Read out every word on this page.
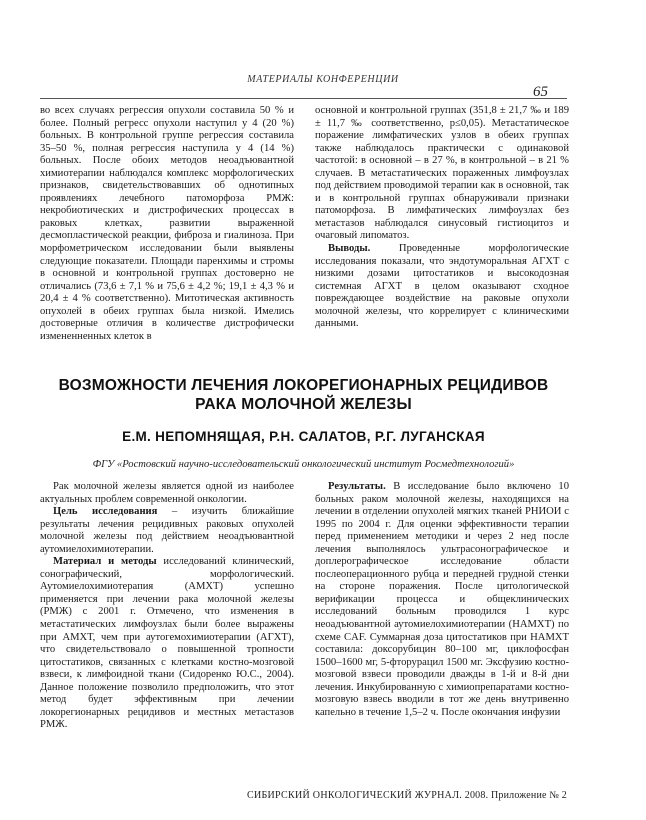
МАТЕРИАЛЫ КОНФЕРЕНЦИИ
65

во всех случаях регрессия опухоли составила 50 % и более. Полный регресс опухоли наступил у 4 (20 %) больных. В контрольной группе регрессия составила 35–50 %, полная регрессия наступила у 4 (14 %) больных. После обоих методов неоадъювантной химиотерапии наблюдался комплекс морфологических признаков, свидетельствовавших об однотипных проявлениях лечебного патоморфоза РМЖ: некробиотических и дистрофических процессах в раковых клетках, развитии выраженной десмопластической реакции, фиброза и гиалиноза. При морфометрическом исследовании были выявлены следующие показатели. Площади паренхимы и стромы в основной и контрольной группах достоверно не отличались (73,6 ± 7,1 % и 75,6 ± 4,2 %; 19,1 ± 4,3 % и 20,4 ± 4 % соответственно). Митотическая активность опухолей в обеих группах была низкой. Имелись достоверные отличия в количестве дистрофически измененненных клеток в

основной и контрольной группах (351,8 ± 21,7 ‰ и 189 ± 11,7 ‰ соответственно, p≤0,05). Метастатическое поражение лимфатических узлов в обеих группах также наблюдалось практически с одинаковой частотой: в основной – в 27 %, в контрольной – в 21 % случаев. В метастатических пораженных лимфоузлах под действием проводимой терапии как в основной, так и в контрольной группах обнаруживали признаки патоморфоза. В лимфатических лимфоузлах без метастазов наблюдался синусовый гистиоцитоз и очаговый липоматоз.

Выводы. Проведенные морфологические исследования показали, что эндотуморальная АГХТ с низкими дозами цитостатиков и высокодозная системная АГХТ в целом оказывают сходное повреждающее воздействие на раковые опухоли молочной железы, что коррелирует с клиническими данными.

ВОЗМОЖНОСТИ ЛЕЧЕНИЯ ЛОКОРЕГИОНАРНЫХ РЕЦИДИВОВ РАКА МОЛОЧНОЙ ЖЕЛЕЗЫ
Е.М. НЕПОМНЯЩАЯ, Р.Н. САЛАТОВ, Р.Г. ЛУГАНСКАЯ
ФГУ «Ростовский научно-исследовательский онкологический институт Росмедтехнологий»

Рак молочной железы является одной из наиболее актуальных проблем современной онкологии.

Цель исследования – изучить ближайшие результаты лечения рецидивных раковых опухолей молочной железы под действием неоадъювантной аутомиелохимиотерапии.

Материал и методы исследований клинический, сонографический, морфологический. Аутомиелохимиотерапия (АМХТ) успешно применяется при лечении рака молочной железы (РМЖ) с 2001 г. Отмечено, что изменения в метастатических лимфоузлах были более выражены при АМХТ, чем при аутогемохимиотерапии (АГХТ), что свидетельствовало о повышенной тропности цитостатиков, связанных с клетками костно-мозговой взвеси, к лимфоидной ткани (Сидоренко Ю.С., 2004). Данное положение позволило предположить, что этот метод будет эффективным при лечении локорегионарных рецидивов и местных метастазов РМЖ.

Результаты. В исследование было включено 10 больных раком молочной железы, находящихся на лечении в отделении опухолей мягких тканей РНИОИ с 1995 по 2004 г. Для оценки эффективности терапии перед применением методики и через 2 нед после лечения выполнялось ультрасонографическое и доплерографическое исследование области послеоперационного рубца и передней грудной стенки на стороне поражения. После цитологической верификации процесса и общеклинических исследований больным проводился 1 курс неоадъювантной аутомиелохимиотерапии (НАМХТ) по схеме CAF. Суммарная доза цитостатиков при НАМХТ составила: доксорубицин 80–100 мг, циклофосфан 1500–1600 мг, 5-фторурацил 1500 мг. Эксфузию костно-мозговой взвеси проводили дважды в 1-й и 8-й дни лечения. Инкубированную с химиопрепаратами костно-мозговую взвесь вводили в тот же день внутривенно капельно в течение 1,5–2 ч. После окончания инфузии

СИБИРСКИЙ ОНКОЛОГИЧЕСКИЙ ЖУРНАЛ. 2008. Приложение № 2
